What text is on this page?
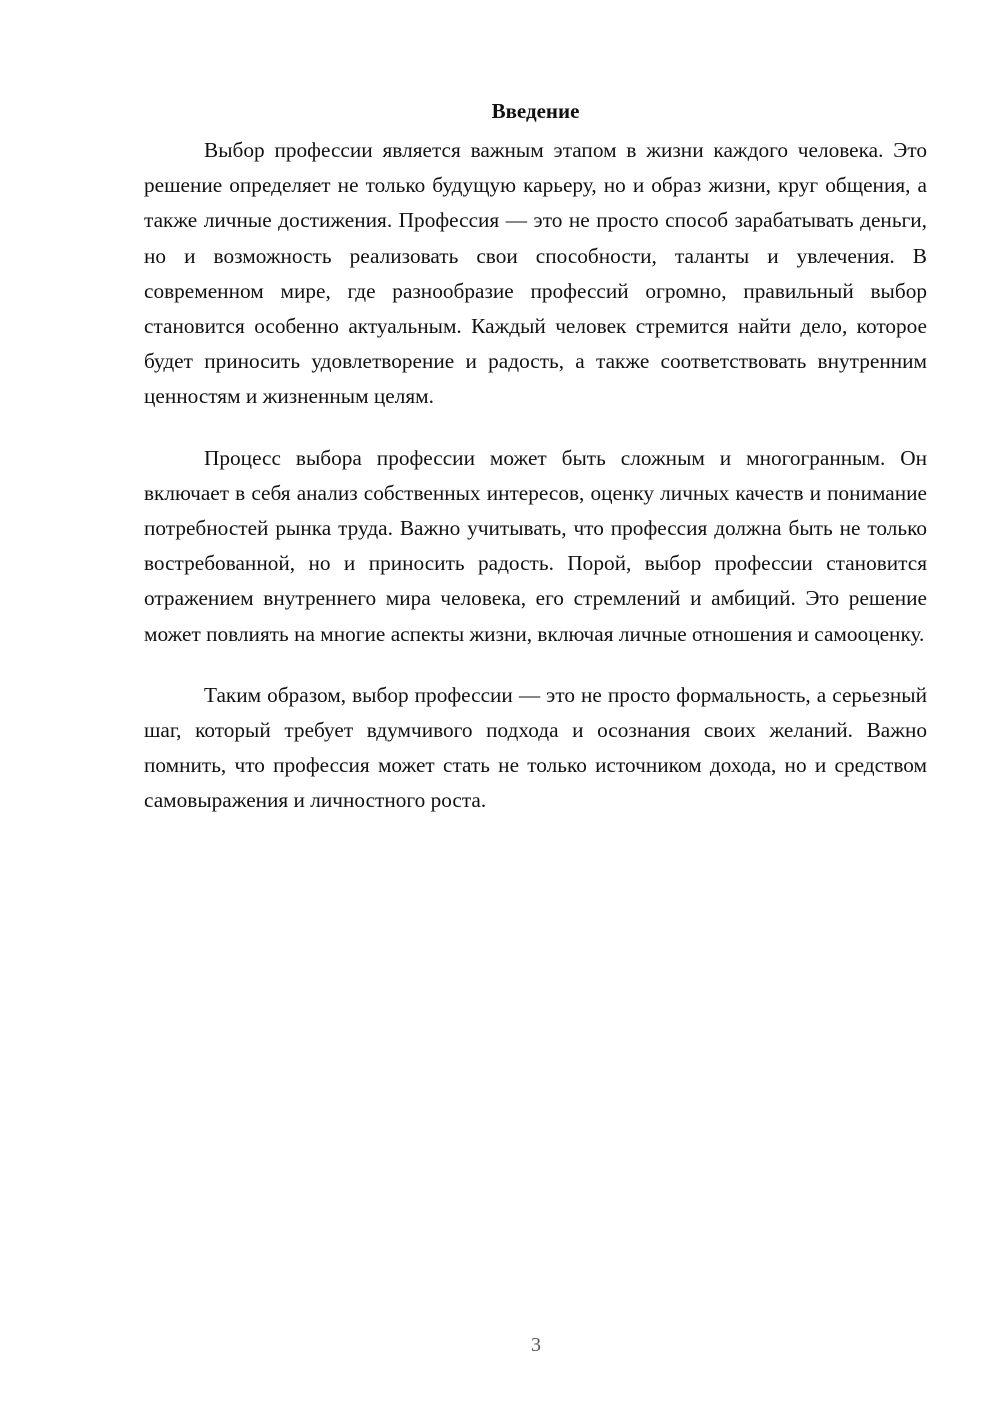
Введение

Выбор профессии является важным этапом в жизни каждого человека. Это решение определяет не только будущую карьеру, но и образ жизни, круг общения, а также личные достижения. Профессия — это не просто способ зарабатывать деньги, но и возможность реализовать свои способности, таланты и увлечения. В современном мире, где разнообразие профессий огромно, правильный выбор становится особенно актуальным. Каждый человек стремится найти дело, которое будет приносить удовлетворение и радость, а также соответствовать внутренним ценностям и жизненным целям.

Процесс выбора профессии может быть сложным и многогранным. Он включает в себя анализ собственных интересов, оценку личных качеств и понимание потребностей рынка труда. Важно учитывать, что профессия должна быть не только востребованной, но и приносить радость. Порой, выбор профессии становится отражением внутреннего мира человека, его стремлений и амбиций. Это решение может повлиять на многие аспекты жизни, включая личные отношения и самооценку.

Таким образом, выбор профессии — это не просто формальность, а серьезный шаг, который требует вдумчивого подхода и осознания своих желаний. Важно помнить, что профессия может стать не только источником дохода, но и средством самовыражения и личностного роста.

3
